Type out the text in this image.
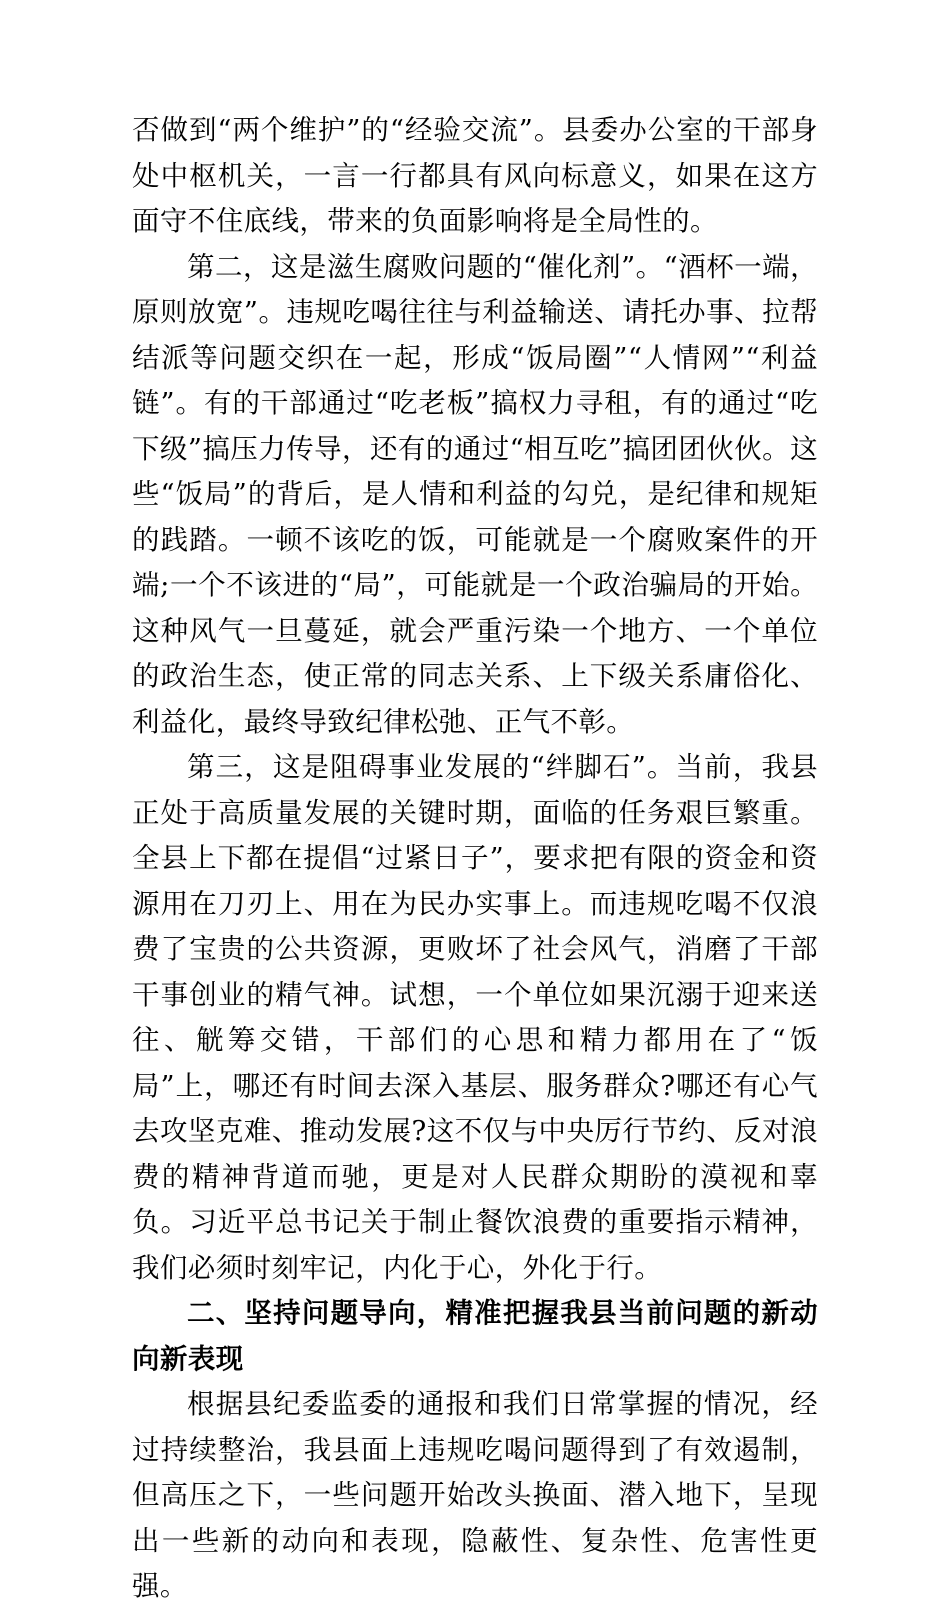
否做到“两个维护”的“经验交流”。县委办公室的干部身处中枢机关，一言一行都具有风向标意义，如果在这方面守不住底线，带来的负面影响将是全局性的。

第二，这是滋生腐败问题的“催化剂”。“酒杯一端，原则放宽”。违规吃喝往往与利益输送、请托办事、拉帮结派等问题交织在一起，形成“饭局圈”“人情网”“利益链”。有的干部通过“吃老板”搞权力寻租，有的通过“吃下级”搞压力传导，还有的通过“相互吃”搞团团伙伙。这些“饭局”的背后，是人情和利益的勾兑，是纪律和规矩的践踏。一顿不该吃的饭，可能就是一个腐败案件的开端;一个不该进的“局”，可能就是一个政治骗局的开始。这种风气一旦蔓延，就会严重污染一个地方、一个单位的政治生态，使正常的同志关系、上下级关系庸俗化、利益化，最终导致纪律松弛、正气不彰。

第三，这是阻碍事业发展的“绊脚石”。当前，我县正处于高质量发展的关键时期，面临的任务艰巨繁重。全县上下都在提倡“过紧日子”，要求把有限的资金和资源用在刀刃上、用在为民办实事上。而违规吃喝不仅浪费了宝贵的公共资源，更败坏了社会风气，消磨了干部干事创业的精气神。试想，一个单位如果沉溺于迎来送往、觥筹交错，干部们的心思和精力都用在了“饭局”上，哪还有时间去深入基层、服务群众?哪还有心气去攻坚克难、推动发展?这不仅与中央厉行节约、反对浪费的精神背道而驰，更是对人民群众期盼的漠视和辜负。习近平总书记关于制止餐饮浪费的重要指示精神，我们必须时刻牢记，内化于心，外化于行。

二、坚持问题导向，精准把握我县当前问题的新动向新表现

根据县纪委监委的通报和我们日常掌握的情况，经过持续整治，我县面上违规吃喝问题得到了有效遏制，但高压之下，一些问题开始改头换面、潜入地下，呈现出一些新的动向和表现，隐蔽性、复杂性、危害性更强。
